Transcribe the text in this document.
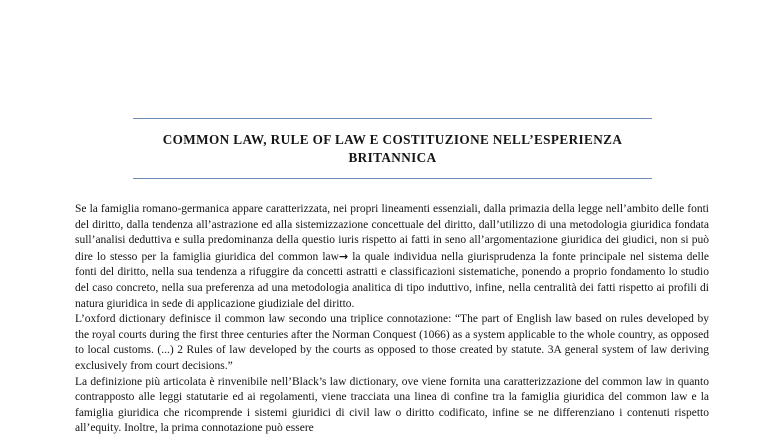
COMMON LAW, RULE OF LAW E COSTITUZIONE NELL’ESPERIENZA
BRITANNICA

Se la famiglia romano-germanica appare caratterizzata, nei propri lineamenti essenziali, dalla primazia della legge nell’ambito delle fonti del diritto, dalla tendenza all’astrazione ed alla sistemizzazione concettuale del diritto, dall’utilizzo di una metodologia giuridica fondata sull’analisi deduttiva e sulla predominanza della questio iuris rispetto ai fatti in seno all’argomentazione giuridica dei giudici, non si può dire lo stesso per la famiglia giuridica del common law→ la quale individua nella giurisprudenza la fonte principale nel sistema delle fonti del diritto, nella sua tendenza a rifuggire da concetti astratti e classificazioni sistematiche, ponendo a proprio fondamento lo studio del caso concreto, nella sua preferenza ad una metodologia analitica di tipo induttivo, infine, nella centralità dei fatti rispetto ai profili di natura giuridica in sede di applicazione giudiziale del diritto.

L’oxford dictionary definisce il common law secondo una triplice connotazione: “The part of English law based on rules developed by the royal courts during the first three centuries after the Norman Conquest (1066) as a system applicable to the whole country, as opposed to local customs. (...) 2 Rules of law developed by the courts as opposed to those created by statute. 3A general system of law deriving exclusively from court decisions.”

La definizione più articolata è rinvenibile nell’Black’s law dictionary, ove viene fornita una caratterizzazione del common law in quanto contrapposto alle leggi statutarie ed ai regolamenti, viene tracciata una linea di confine tra la famiglia giuridica del common law e la famiglia giuridica che ricomprende i sistemi giuridici di civil law o diritto codificato, infine se ne differenziano i contenuti rispetto all’equity. Inoltre, la prima connotazione può essere
